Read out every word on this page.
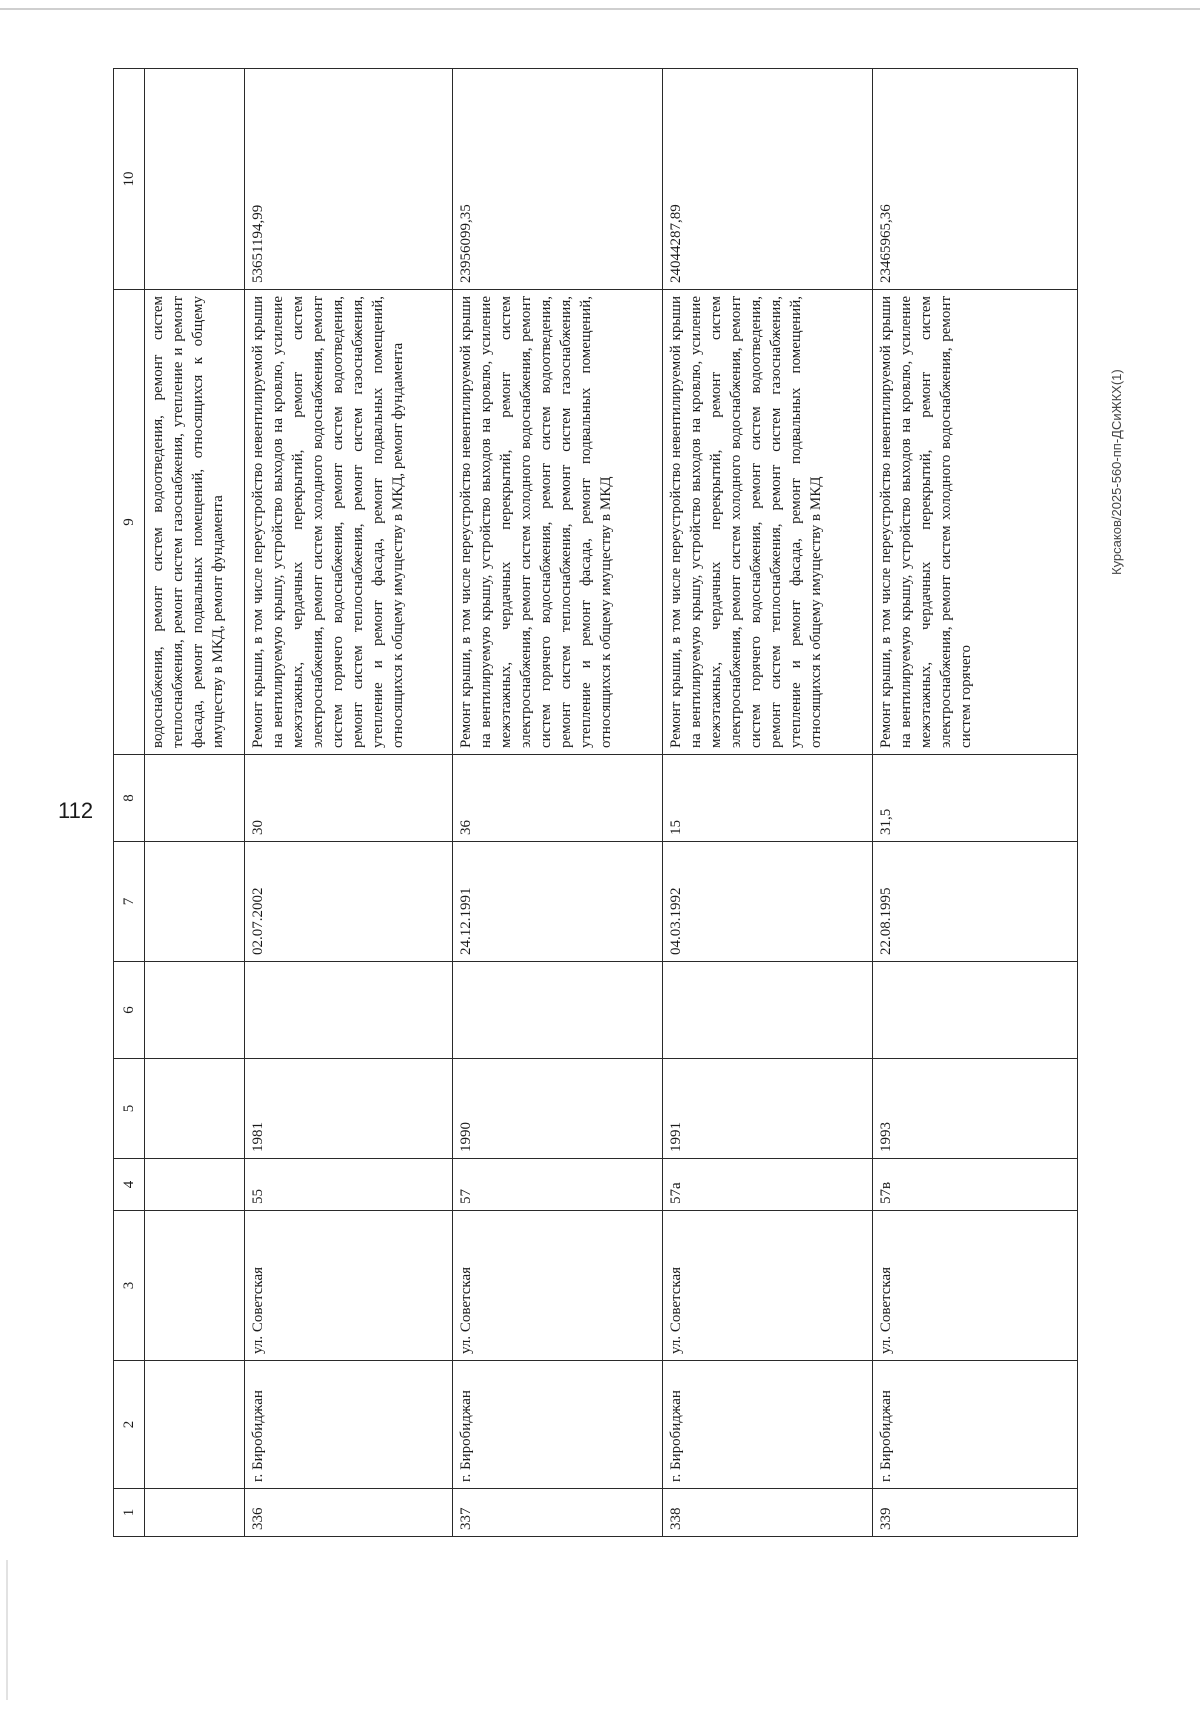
112
Курсаков/2025-560-пп-ДСиЖКХ(1)
1	2	3	4	5	6	7	8	9	10
								водоснабжения, ремонт систем водоотведения, ремонт систем теплоснабжения, ремонт систем газоснабжения, утепление и ремонт фасада, ремонт подвальных помещений, относящихся к общему имуществу в МКД, ремонт фундамента	
336	г. Биробиджан	ул. Советская	55	1981		02.07.2002	30	Ремонт крыши, в том числе переустройство невентилируемой крыши на вентилируемую крышу, устройство выходов на кровлю, усиление межэтажных, чердачных перекрытий, ремонт систем электроснабжения, ремонт систем холодного водоснабжения, ремонт систем горячего водоснабжения, ремонт систем водоотведения, ремонт систем теплоснабжения, ремонт систем газоснабжения, утепление и ремонт фасада, ремонт подвальных помещений, относящихся к общему имуществу в МКД, ремонт фундамента	53651194,99
337	г. Биробиджан	ул. Советская	57	1990		24.12.1991	36	Ремонт крыши, в том числе переустройство невентилируемой крыши на вентилируемую крышу, устройство выходов на кровлю, усиление межэтажных, чердачных перекрытий, ремонт систем электроснабжения, ремонт систем холодного водоснабжения, ремонт систем горячего водоснабжения, ремонт систем водоотведения, ремонт систем теплоснабжения, ремонт систем газоснабжения, утепление и ремонт фасада, ремонт подвальных помещений, относящихся к общему имуществу в МКД	23956099,35
338	г. Биробиджан	ул. Советская	57а	1991		04.03.1992	15	Ремонт крыши, в том числе переустройство невентилируемой крыши на вентилируемую крышу, устройство выходов на кровлю, усиление межэтажных, чердачных перекрытий, ремонт систем электроснабжения, ремонт систем холодного водоснабжения, ремонт систем горячего водоснабжения, ремонт систем водоотведения, ремонт систем теплоснабжения, ремонт систем газоснабжения, утепление и ремонт фасада, ремонт подвальных помещений, относящихся к общему имуществу в МКД	24044287,89
339	г. Биробиджан	ул. Советская	57в	1993		22.08.1995	31,5	Ремонт крыши, в том числе переустройство невентилируемой крыши на вентилируемую крышу, устройство выходов на кровлю, усиление межэтажных, чердачных перекрытий, ремонт систем электроснабжения, ремонт систем холодного водоснабжения, ремонт систем горячего	23465965,36
